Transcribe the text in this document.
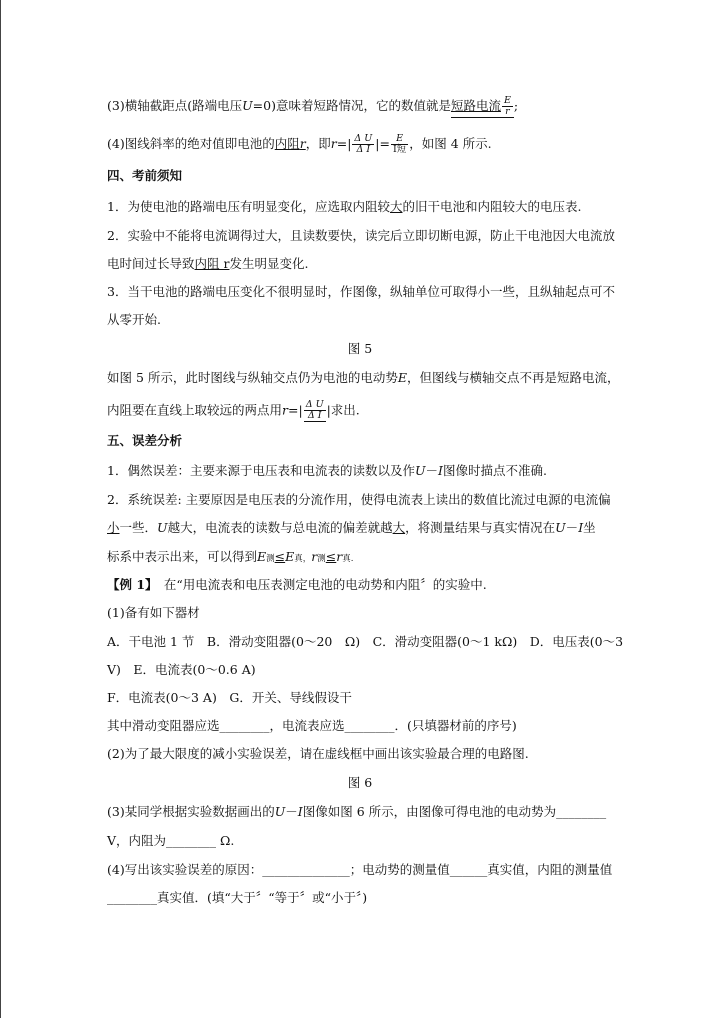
(3)横轴截距点(路端电压U=0)意味着短路情况，它的数值就是短路电流 $\frac{E}{r}$ ;
(4)图线斜率的绝对值即电池的内阻r，即$r=| \frac{\text{Δ U}}{\text{Δ I}}$ |= $\frac{E}{\text{I短}}$ ，如图 4 所示.
四、考前须知
1．为使电池的路端电压有明显变化，应选取内阻较大的旧干电池和内阻较大的电压表.
2．实验中不能将电流调得过大，且读数要快，读完后立即切断电源，防止干电池因大电流放
电时间过长导致内阻 r发生明显变化.
3．当干电池的路端电压变化不很明显时，作图像，纵轴单位可取得小一些，且纵轴起点可不
从零开始.
图 5
如图 5 所示，此时图线与纵轴交点仍为电池的电动势E，但图线与横轴交点不再是短路电流，
内阻要在直线上取较远的两点用$r=| \frac{\text{Δ U}}{\text{Δ I}}$ |求出.
五、误差分析
1．偶然误差：主要来源于电压表和电流表的读数以及作U－I图像时描点不准确.
2．系统误差: 主要原因是电压表的分流作用，使得电流表上读出的数值比流过电源的电流偏
小一些．U越大，电流表的读数与总电流的偏差就越大，将测量结果与真实情况在U－I坐
标系中表示出来，可以得到E测≤E真，r测≤r真.
【例 1】  在“用电流表和电压表测定电池的电动势和内阻〞的实验中.
(1)备有如下器材
A．干电池 1 节　B．滑动变阻器(0～20　Ω)　C．滑动变阻器(0～1 kΩ)　D．电压表(0～3
V)　E．电流表(0～0.6 A)
F．电流表(0～3 A)　G．开关、导线假设干
其中滑动变阻器应选________，电流表应选________．(只填器材前的序号)
(2)为了最大限度的减小实验误差，请在虚线框中画出该实验最合理的电路图.
图 6
(3)某同学根据实验数据画出的U－I图像如图 6 所示，由图像可得电池的电动势为________
V，内阻为________ Ω.
(4)写出该实验误差的原因：______________；电动势的测量值______真实值，内阻的测量值
________真实值．(填“大于〞“等于〞或“小于〞)
